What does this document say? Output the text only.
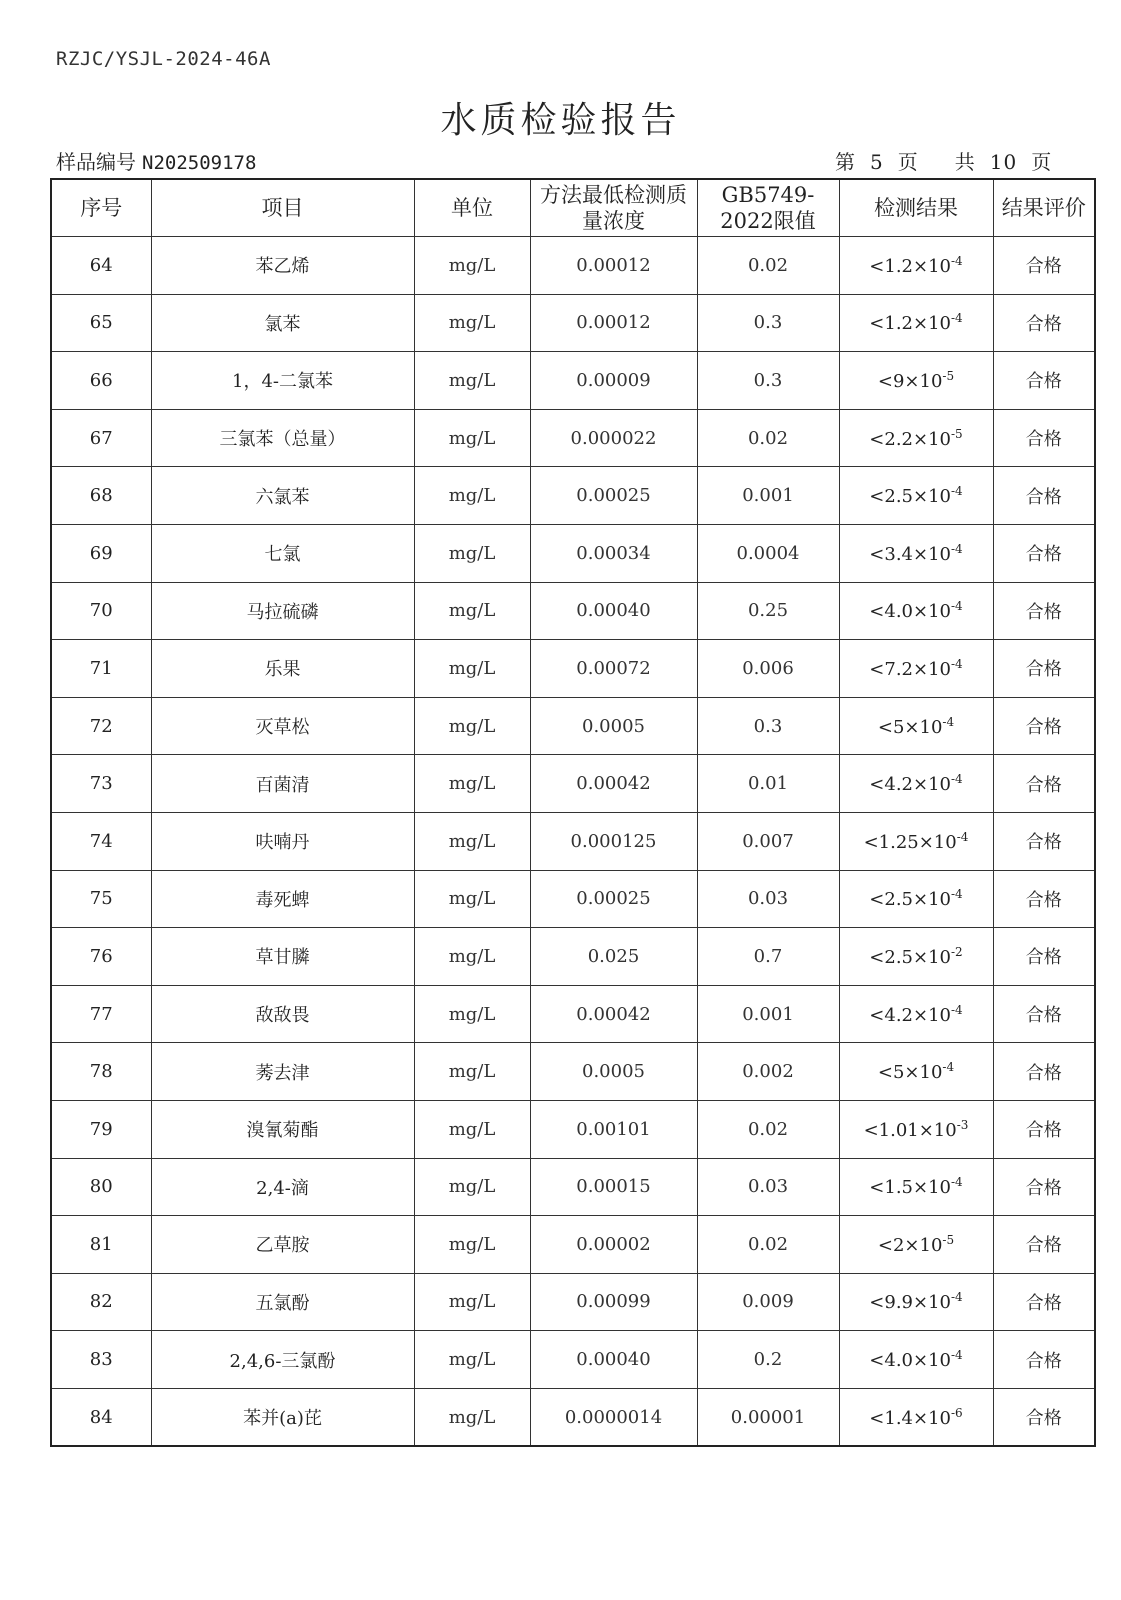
RZJC/YSJL-2024-46A
水质检验报告
样品编号 N202509178	第 5 页 共 10 页
序号	项目	单位	方法最低检测质量浓度	GB5749-2022限值	检测结果	结果评价
64	苯乙烯	mg/L	0.00012	0.02	$<1.2\times 10^{-4}$	合格
65	氯苯	mg/L	0.00012	0.3	$<1.2\times 10^{-4}$	合格
66	1，4-二氯苯	mg/L	0.00009	0.3	$<9\times 10^{-5}$	合格
67	三氯苯（总量）	mg/L	0.000022	0.02	$<2.2\times 10^{-5}$	合格
68	六氯苯	mg/L	0.00025	0.001	$<2.5\times 10^{-4}$	合格
69	七氯	mg/L	0.00034	0.0004	$<3.4\times 10^{-4}$	合格
70	马拉硫磷	mg/L	0.00040	0.25	$<4.0\times 10^{-4}$	合格
71	乐果	mg/L	0.00072	0.006	$<7.2\times 10^{-4}$	合格
72	灭草松	mg/L	0.0005	0.3	$<5\times 10^{-4}$	合格
73	百菌清	mg/L	0.00042	0.01	$<4.2\times 10^{-4}$	合格
74	呋喃丹	mg/L	0.000125	0.007	$<1.25\times 10^{-4}$	合格
75	毒死蜱	mg/L	0.00025	0.03	$<2.5\times 10^{-4}$	合格
76	草甘膦	mg/L	0.025	0.7	$<2.5\times 10^{-2}$	合格
77	敌敌畏	mg/L	0.00042	0.001	$<4.2\times 10^{-4}$	合格
78	莠去津	mg/L	0.0005	0.002	$<5\times 10^{-4}$	合格
79	溴氰菊酯	mg/L	0.00101	0.02	$<1.01\times 10^{-3}$	合格
80	2,4-滴	mg/L	0.00015	0.03	$<1.5\times 10^{-4}$	合格
81	乙草胺	mg/L	0.00002	0.02	$<2\times 10^{-5}$	合格
82	五氯酚	mg/L	0.00099	0.009	$<9.9\times 10^{-4}$	合格
83	2,4,6-三氯酚	mg/L	0.00040	0.2	$<4.0\times 10^{-4}$	合格
84	苯并(a)芘	mg/L	0.0000014	0.00001	$<1.4\times 10^{-6}$	合格
